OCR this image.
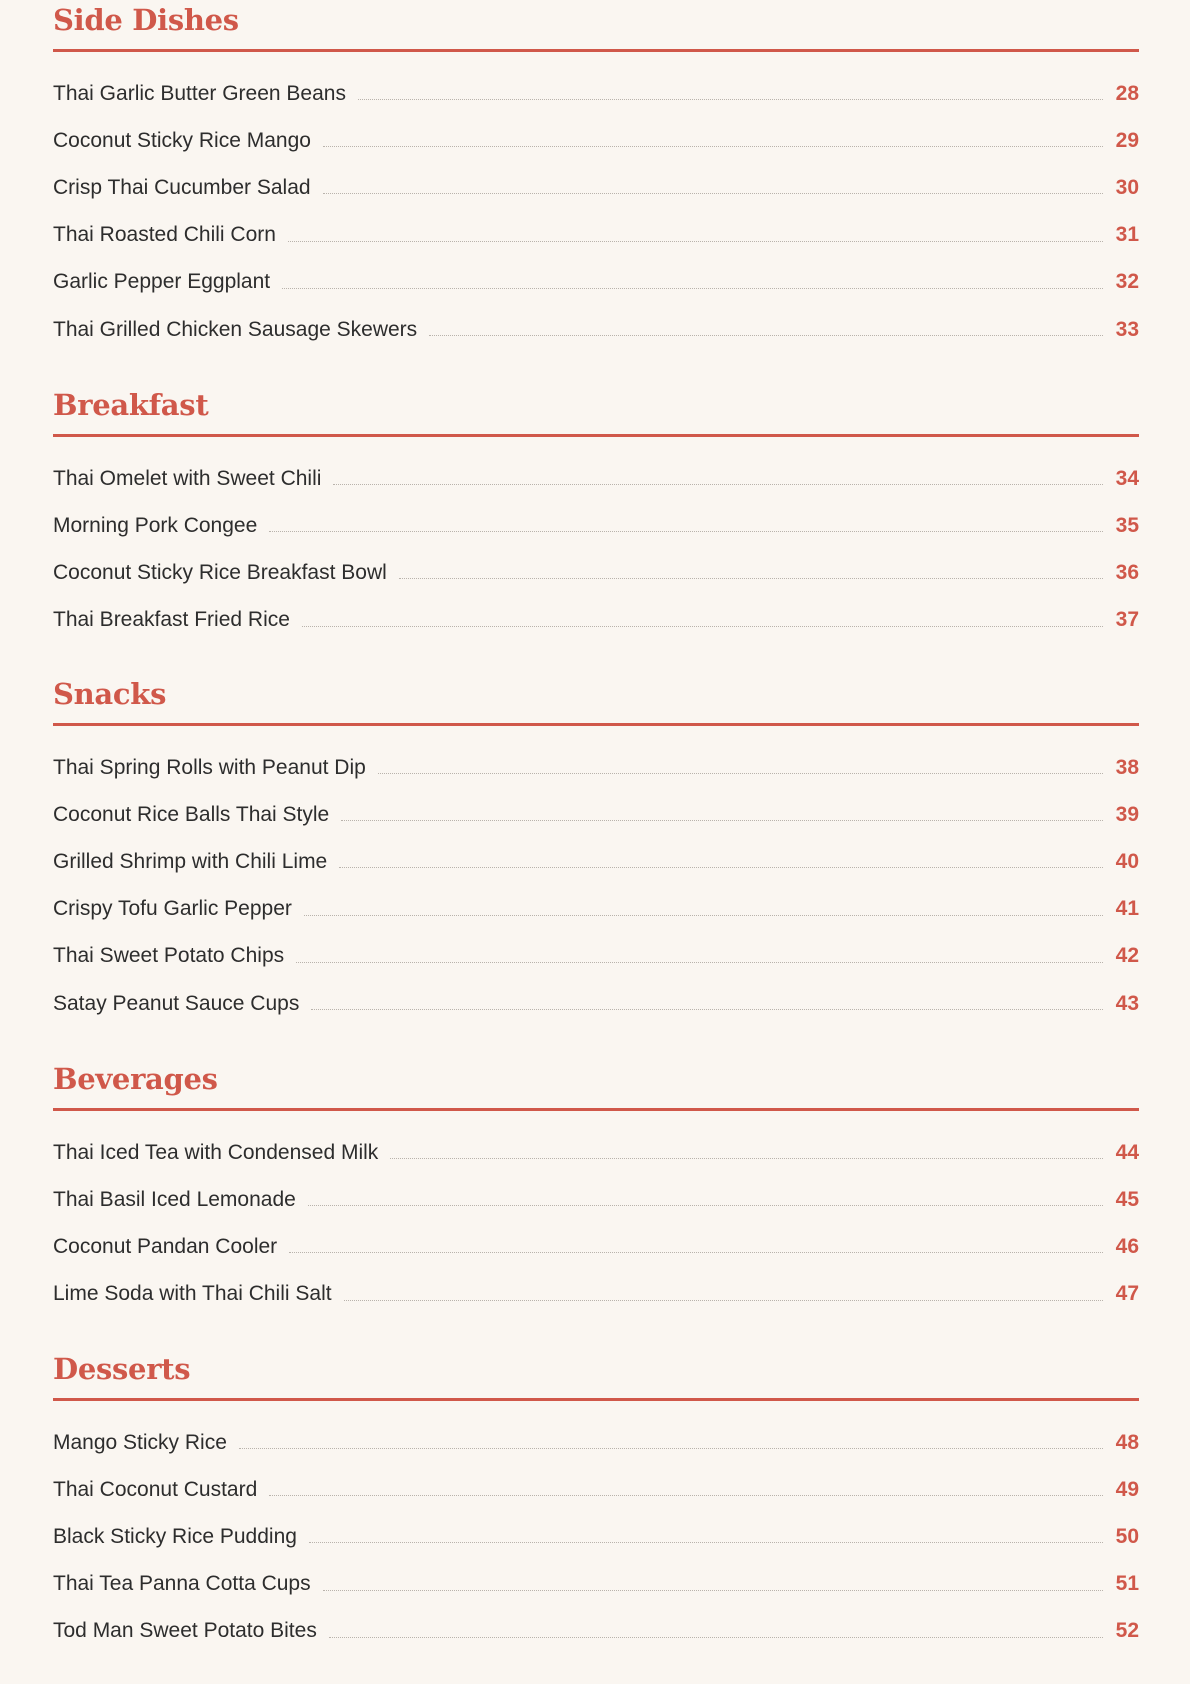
Side Dishes
Thai Garlic Butter Green Beans	28
Coconut Sticky Rice Mango	29
Crisp Thai Cucumber Salad	30
Thai Roasted Chili Corn	31
Garlic Pepper Eggplant	32
Thai Grilled Chicken Sausage Skewers	33
Breakfast
Thai Omelet with Sweet Chili	34
Morning Pork Congee	35
Coconut Sticky Rice Breakfast Bowl	36
Thai Breakfast Fried Rice	37
Snacks
Thai Spring Rolls with Peanut Dip	38
Coconut Rice Balls Thai Style	39
Grilled Shrimp with Chili Lime	40
Crispy Tofu Garlic Pepper	41
Thai Sweet Potato Chips	42
Satay Peanut Sauce Cups	43
Beverages
Thai Iced Tea with Condensed Milk	44
Thai Basil Iced Lemonade	45
Coconut Pandan Cooler	46
Lime Soda with Thai Chili Salt	47
Desserts
Mango Sticky Rice	48
Thai Coconut Custard	49
Black Sticky Rice Pudding	50
Thai Tea Panna Cotta Cups	51
Tod Man Sweet Potato Bites	52
